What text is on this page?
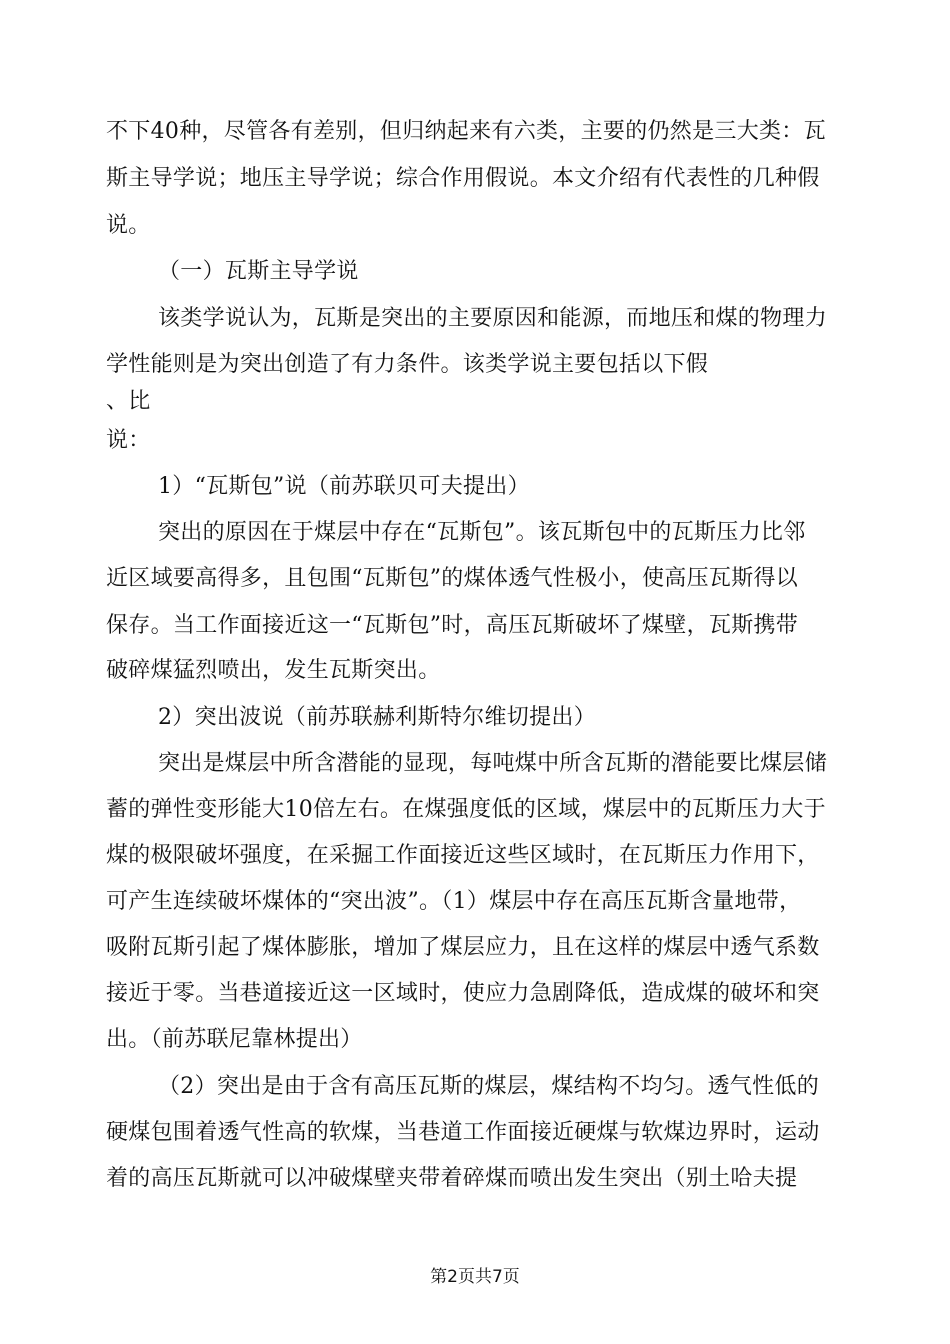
不下40种，尽管各有差别，但归纳起来有六类，主要的仍然是三大类：瓦
斯主导学说；地压主导学说；综合作用假说。本文介绍有代表性的几种假
说。
（一）瓦斯主导学说
该类学说认为，瓦斯是突出的主要原因和能源，而地压和煤的物理力
学性能则是为突出创造了有力条件。该类学说主要包括以下假
、比
说：
1）“瓦斯包”说（前苏联贝可夫提出）
突出的原因在于煤层中存在“瓦斯包”。该瓦斯包中的瓦斯压力比邻
近区域要高得多，且包围“瓦斯包”的煤体透气性极小，使高压瓦斯得以
保存。当工作面接近这一“瓦斯包”时，高压瓦斯破坏了煤壁，瓦斯携带
破碎煤猛烈喷出，发生瓦斯突出。
2）突出波说（前苏联赫利斯特尔维切提出）
突出是煤层中所含潜能的显现，每吨煤中所含瓦斯的潜能要比煤层储
蓄的弹性变形能大10倍左右。在煤强度低的区域，煤层中的瓦斯压力大于
煤的极限破坏强度，在采掘工作面接近这些区域时，在瓦斯压力作用下，
可产生连续破坏煤体的“突出波”。（1）煤层中存在高压瓦斯含量地带，
吸附瓦斯引起了煤体膨胀，增加了煤层应力，且在这样的煤层中透气系数
接近于零。当巷道接近这一区域时，使应力急剧降低，造成煤的破坏和突
出。（前苏联尼靠林提出）
（2）突出是由于含有高压瓦斯的煤层，煤结构不均匀。透气性低的
硬煤包围着透气性高的软煤，当巷道工作面接近硬煤与软煤边界时，运动
着的高压瓦斯就可以冲破煤壁夹带着碎煤而喷出发生突出（别土哈夫提
第2页共7页
